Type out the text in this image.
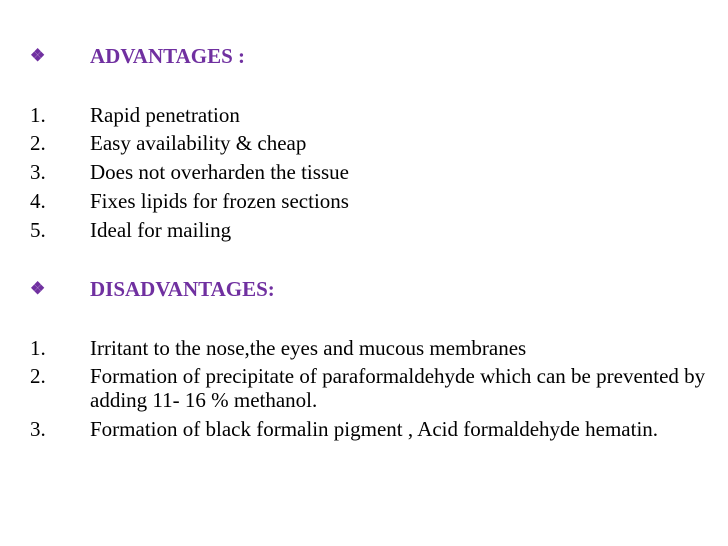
❖	ADVANTAGES :
1.	Rapid penetration
2.	Easy availability & cheap
3.	Does not overharden the tissue
4.	Fixes lipids for frozen sections
5.	Ideal for mailing
❖	DISADVANTAGES:
1.	Irritant to the nose,the eyes and mucous membranes
2.	Formation of precipitate of paraformaldehyde which can be prevented by adding 11- 16 % methanol.
3.	Formation of black formalin pigment , Acid formaldehyde hematin.
